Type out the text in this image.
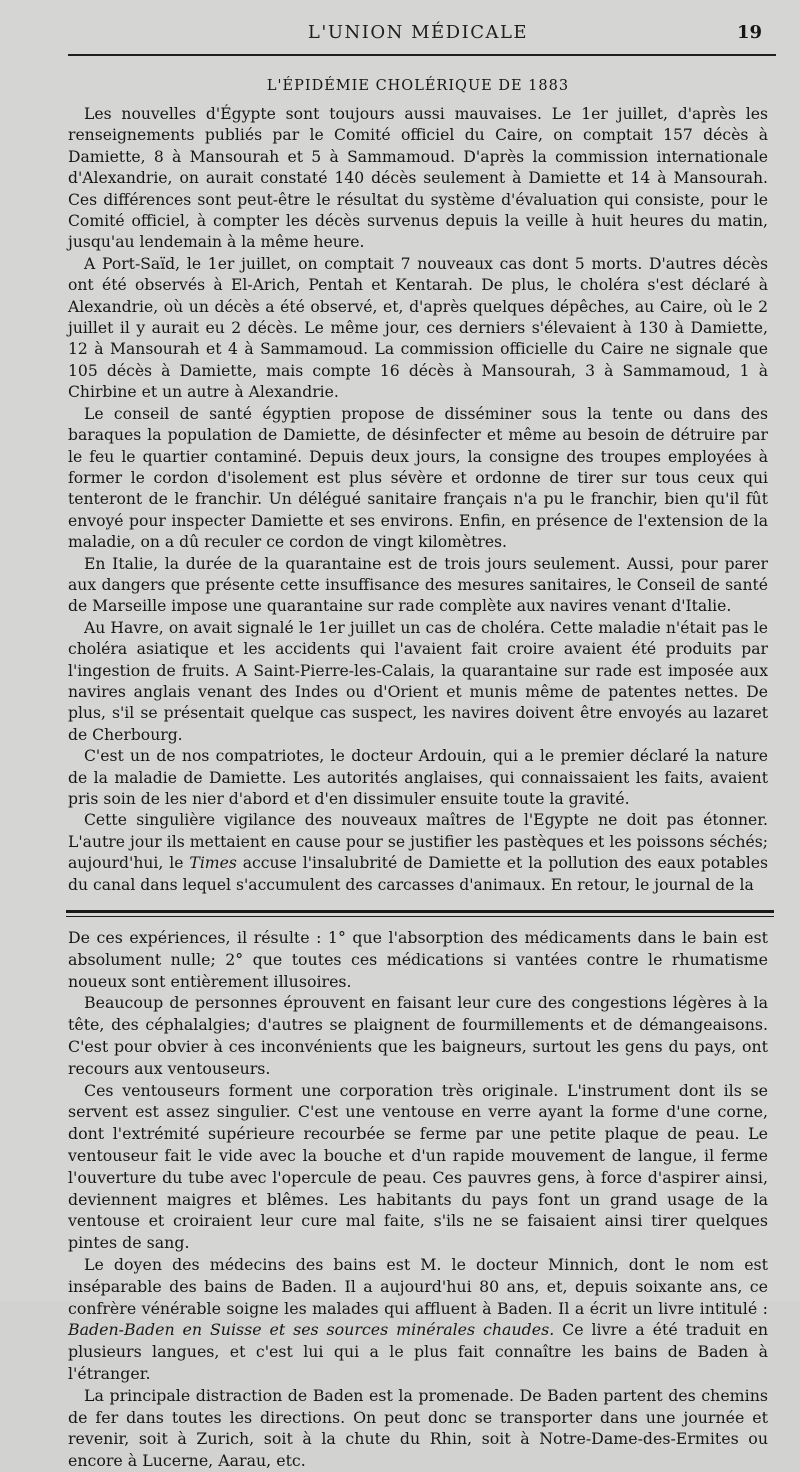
L'UNION MÉDICALE	19
L'ÉPIDÉMIE CHOLÉRIQUE DE 1883

Les nouvelles d'Égypte sont toujours aussi mauvaises. Le 1er juillet, d'après les renseignements publiés par le Comité officiel du Caire, on comptait 157 décès à Damiette, 8 à Mansourah et 5 à Sammamoud. D'après la commission internationale d'Alexandrie, on aurait constaté 140 décès seulement à Damiette et 14 à Mansourah. Ces différences sont peut-être le résultat du système d'évaluation qui consiste, pour le Comité officiel, à compter les décès survenus depuis la veille à huit heures du matin, jusqu'au lendemain à la même heure.

A Port-Saïd, le 1er juillet, on comptait 7 nouveaux cas dont 5 morts. D'autres décès ont été observés à El-Arich, Pentah et Kentarah. De plus, le choléra s'est déclaré à Alexandrie, où un décès a été observé, et, d'après quelques dépêches, au Caire, où le 2 juillet il y aurait eu 2 décès. Le même jour, ces derniers s'élevaient à 130 à Damiette, 12 à Mansourah et 4 à Sammamoud. La commission officielle du Caire ne signale que 105 décès à Damiette, mais compte 16 décès à Mansourah, 3 à Sammamoud, 1 à Chirbine et un autre à Alexandrie.

Le conseil de santé égyptien propose de disséminer sous la tente ou dans des baraques la population de Damiette, de désinfecter et même au besoin de détruire par le feu le quartier contaminé. Depuis deux jours, la consigne des troupes employées à former le cordon d'isolement est plus sévère et ordonne de tirer sur tous ceux qui tenteront de le franchir. Un délégué sanitaire français n'a pu le franchir, bien qu'il fût envoyé pour inspecter Damiette et ses environs. Enfin, en présence de l'extension de la maladie, on a dû reculer ce cordon de vingt kilomètres.

En Italie, la durée de la quarantaine est de trois jours seulement. Aussi, pour parer aux dangers que présente cette insuffisance des mesures sanitaires, le Conseil de santé de Marseille impose une quarantaine sur rade complète aux navires venant d'Italie.

Au Havre, on avait signalé le 1er juillet un cas de choléra. Cette maladie n'était pas le choléra asiatique et les accidents qui l'avaient fait croire avaient été produits par l'ingestion de fruits. A Saint-Pierre-les-Calais, la quarantaine sur rade est imposée aux navires anglais venant des Indes ou d'Orient et munis même de patentes nettes. De plus, s'il se présentait quelque cas suspect, les navires doivent être envoyés au lazaret de Cherbourg.

C'est un de nos compatriotes, le docteur Ardouin, qui a le premier déclaré la nature de la maladie de Damiette. Les autorités anglaises, qui connaissaient les faits, avaient pris soin de les nier d'abord et d'en dissimuler ensuite toute la gravité.

Cette singulière vigilance des nouveaux maîtres de l'Egypte ne doit pas étonner. L'autre jour ils mettaient en cause pour se justifier les pastèques et les poissons séchés; aujourd'hui, le Times accuse l'insalubrité de Damiette et la pollution des eaux potables du canal dans lequel s'accumulent des carcasses d'animaux. En retour, le journal de la

De ces expériences, il résulte : 1° que l'absorption des médicaments dans le bain est absolument nulle; 2° que toutes ces médications si vantées contre le rhumatisme noueux sont entièrement illusoires.

Beaucoup de personnes éprouvent en faisant leur cure des congestions légères à la tête, des céphalalgies; d'autres se plaignent de fourmillements et de démangeaisons. C'est pour obvier à ces inconvénients que les baigneurs, surtout les gens du pays, ont recours aux ventouseurs.

Ces ventouseurs forment une corporation très originale. L'instrument dont ils se servent est assez singulier. C'est une ventouse en verre ayant la forme d'une corne, dont l'extrémité supérieure recourbée se ferme par une petite plaque de peau. Le ventouseur fait le vide avec la bouche et d'un rapide mouvement de langue, il ferme l'ouverture du tube avec l'opercule de peau. Ces pauvres gens, à force d'aspirer ainsi, deviennent maigres et blêmes. Les habitants du pays font un grand usage de la ventouse et croiraient leur cure mal faite, s'ils ne se faisaient ainsi tirer quelques pintes de sang.

Le doyen des médecins des bains est M. le docteur Minnich, dont le nom est inséparable des bains de Baden. Il a aujourd'hui 80 ans, et, depuis soixante ans, ce confrère vénérable soigne les malades qui affluent à Baden. Il a écrit un livre intitulé : Baden-Baden en Suisse et ses sources minérales chaudes. Ce livre a été traduit en plusieurs langues, et c'est lui qui a le plus fait connaître les bains de Baden à l'étranger.

La principale distraction de Baden est la promenade. De Baden partent des chemins de fer dans toutes les directions. On peut donc se transporter dans une journée et revenir, soit à Zurich, soit à la chute du Rhin, soit à Notre-Dame-des-Ermites ou encore à Lucerne, Aarau, etc.
